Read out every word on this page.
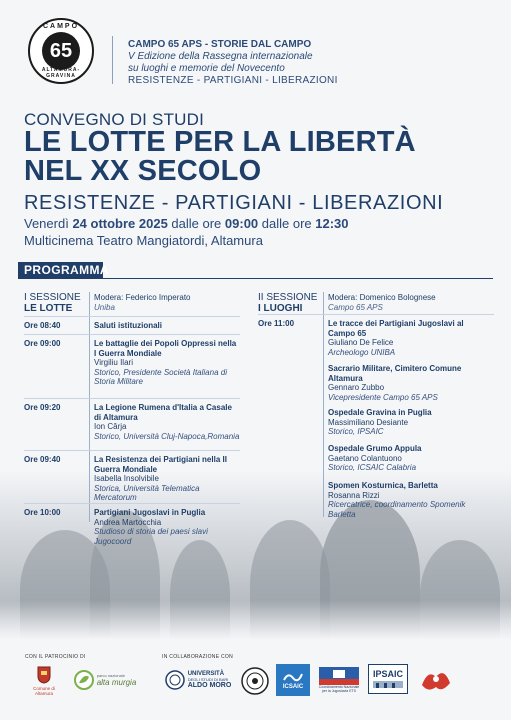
CAMPO
65
ALTAMURA-GRAVINA
CAMPO 65 APS - STORIE DAL CAMPO
V Edizione della Rassegna internazionale
su luoghi e memorie del Novecento
RESISTENZE - PARTIGIANI - LIBERAZIONI
CONVEGNO DI STUDI
LE LOTTE PER LA LIBERTÀ
NEL XX SECOLO
RESISTENZE - PARTIGIANI - LIBERAZIONI
Venerdì 24 ottobre 2025 dalle ore 09:00 dalle ore 12:30
Multicinema Teatro Mangiatordi, Altamura
PROGRAMMA
I SESSIONE
LE LOTTE
Modera: Federico Imperato
Uniba
Ore 08:40	Saluti istituzionali
Ore 09:00	Le battaglie dei Popoli Oppressi nella I Guerra Mondiale
Virgiliu Ilari
Storico, Presidente Società Italiana di Storia Militare
Ore 09:20	La Legione Rumena d'Italia a Casale di Altamura
Ion Cârja
Storico, Università Cluj-Napoca,Romania
Ore 09:40	La Resistenza dei Partigiani nella II Guerra Mondiale
Isabella Insolvibile
Storica, Università Telematica Mercatorum
Ore 10:00	Partigiani Jugoslavi in Puglia
Andrea Martocchia
Studioso di storia dei paesi slavi Jugocoord
II SESSIONE
I LUOGHI
Modera: Domenico Bolognese
Campo 65 APS
Ore 11:00	Le tracce dei Partigiani Jugoslavi al Campo 65
Giuliano De Felice
Archeologo UNIBA
Sacrario Militare, Cimitero Comune Altamura
Gennaro Zubbo
Vicepresidente Campo 65 APS
Ospedale Gravina in Puglia
Massimiliano Desiante
Storico, IPSAIC
Ospedale Grumo Appula
Gaetano Colantuono
Storico, ICSAIC Calabria
Spomen Kosturnica, Barletta
Rosanna Rizzi
Ricercatrice, coordinamento Spomenik Barletta
CON IL PATROCINIO DI	IN COLLABORAZIONE CON
Comune di Altamura
parco nazionale
alta murgia
UNIVERSITÀ
DEGLI STUDI DI BARI
ALDO MORO	ICSAIC	Coordinamento Nazionale per la Jugoslavia ETS
IPSAIC
